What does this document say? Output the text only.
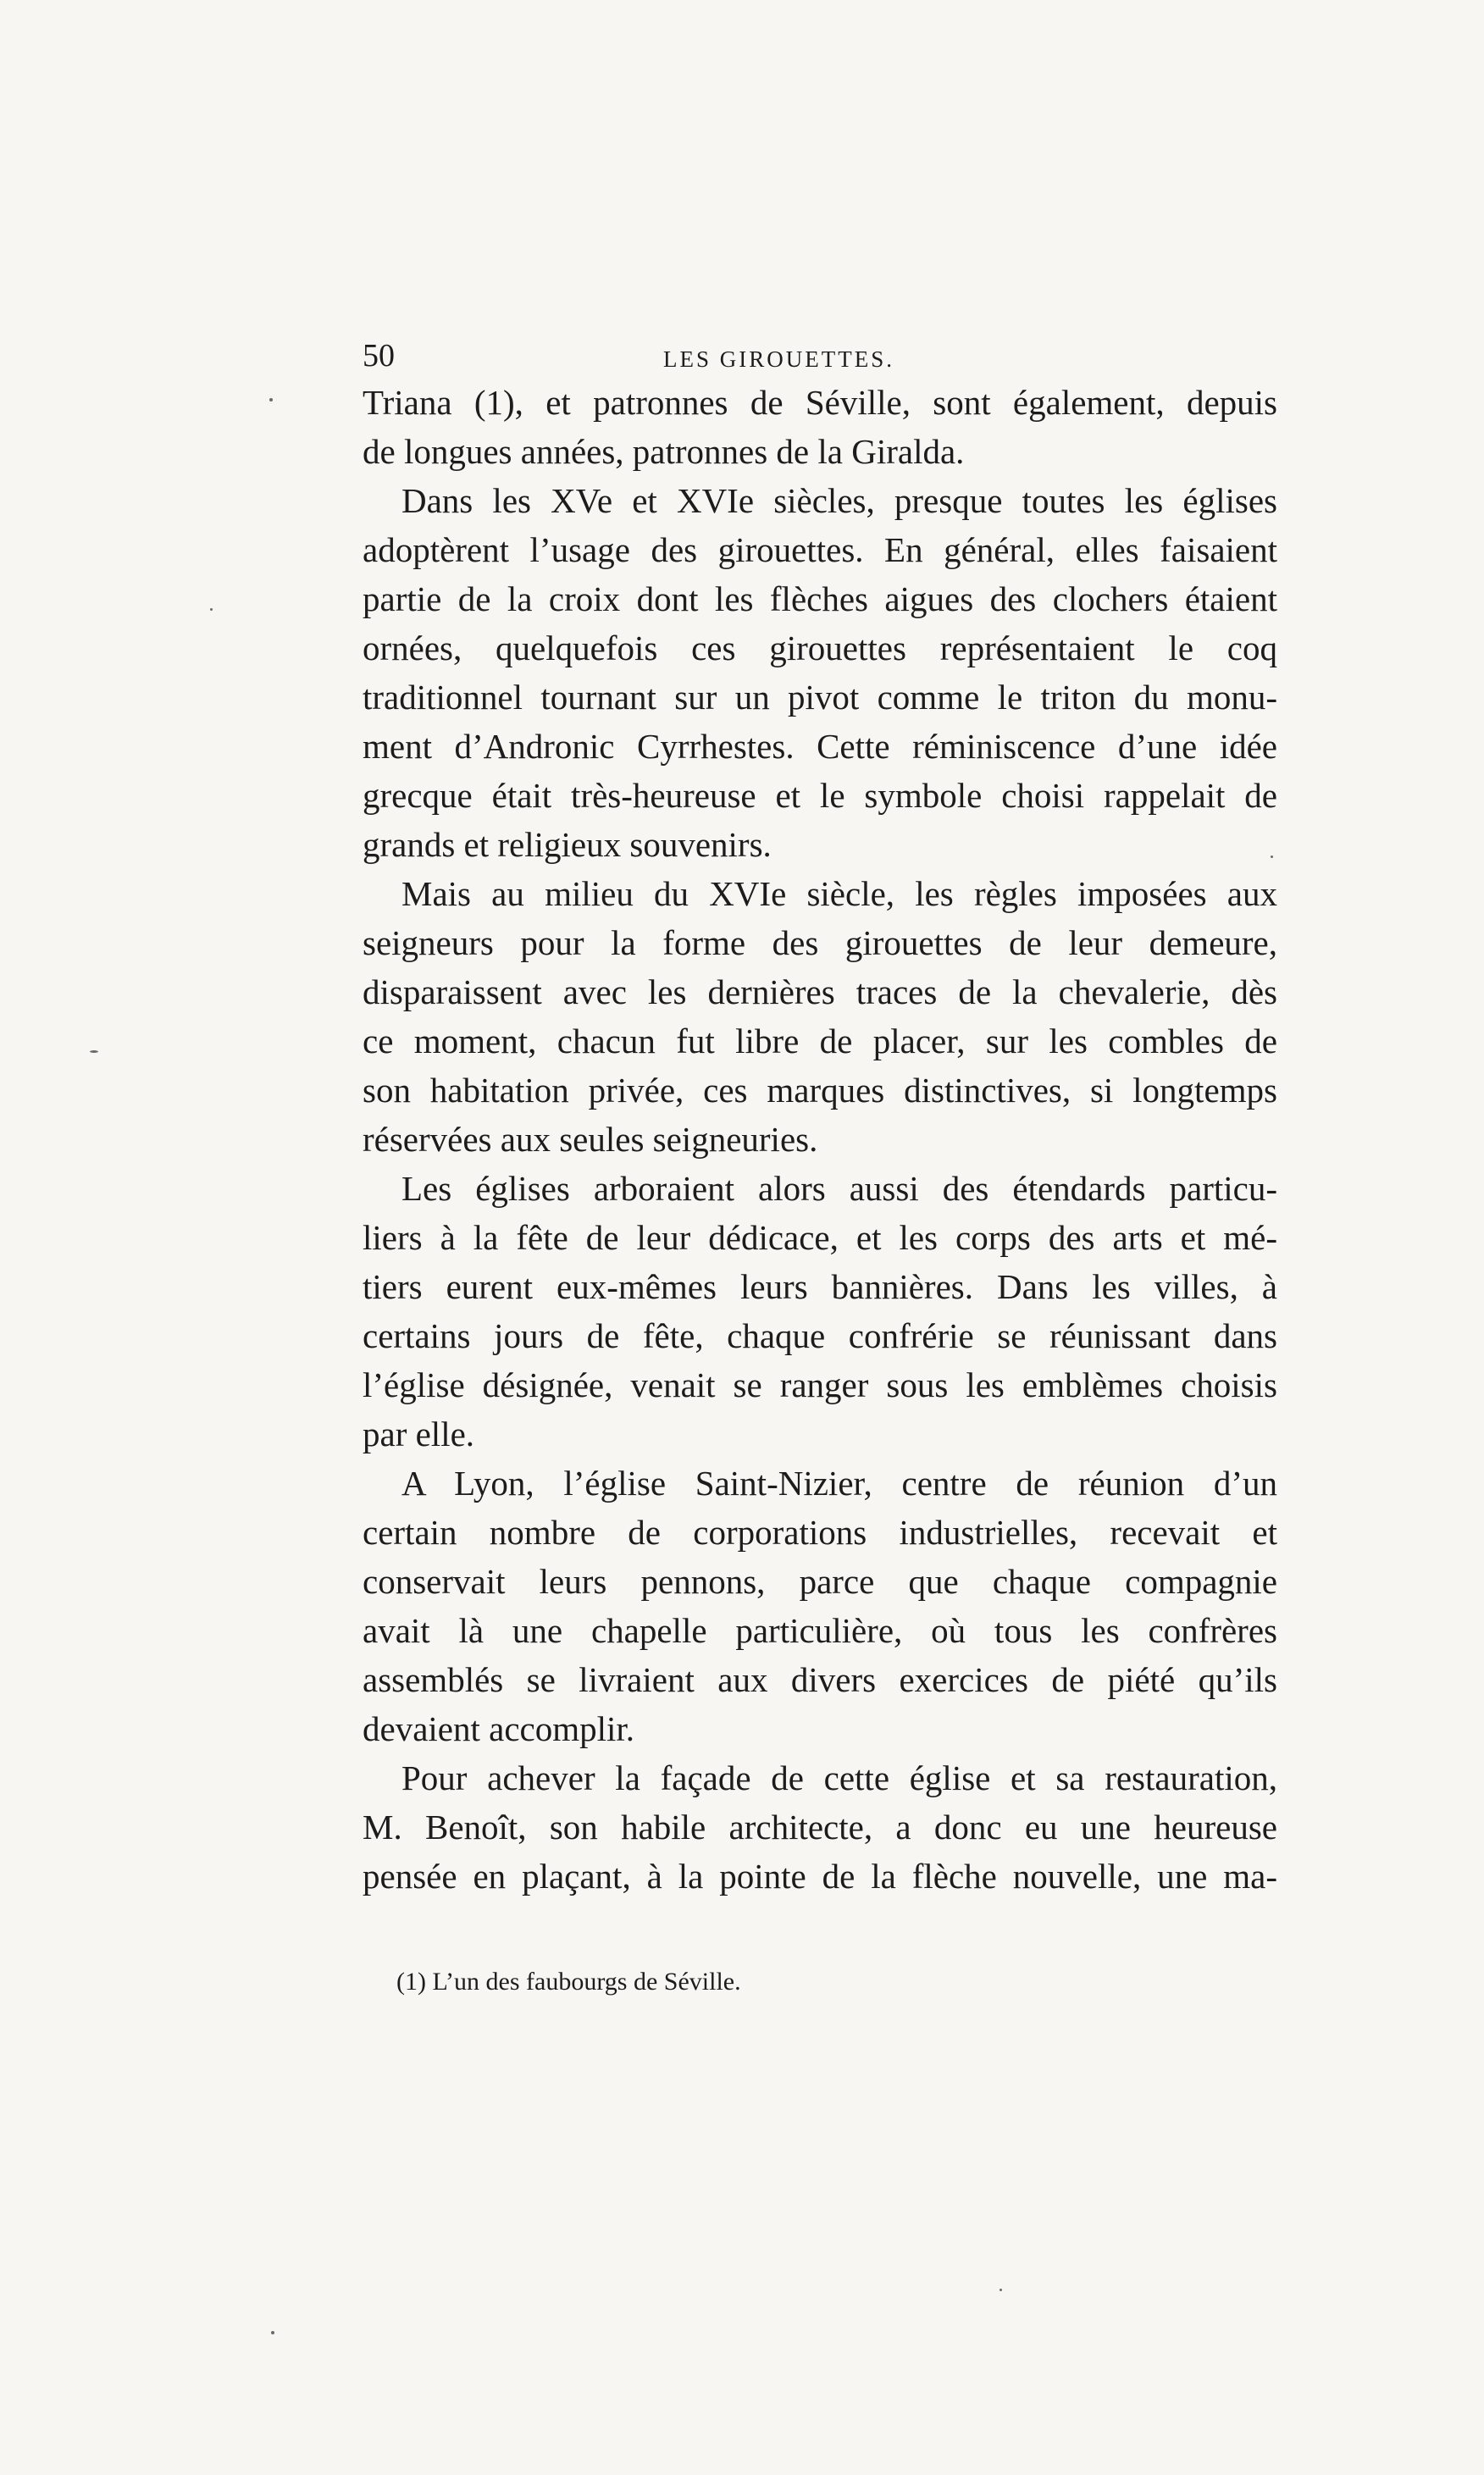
50	LES GIROUETTES.
Triana (1), et patronnes de Séville, sont également, depuis
de longues années, patronnes de la Giralda.
Dans les XVe et XVIe siècles, presque toutes les églises
adoptèrent l’usage des girouettes. En général, elles faisaient
partie de la croix dont les flèches aigues des clochers étaient
ornées, quelquefois ces girouettes représentaient le coq
traditionnel tournant sur un pivot comme le triton du monu-
ment d’Andronic Cyrrhestes. Cette réminiscence d’une idée
grecque était très-heureuse et le symbole choisi rappelait de
grands et religieux souvenirs.
Mais au milieu du XVIe siècle, les règles imposées aux
seigneurs pour la forme des girouettes de leur demeure,
disparaissent avec les dernières traces de la chevalerie, dès
ce moment, chacun fut libre de placer, sur les combles de
son habitation privée, ces marques distinctives, si longtemps
réservées aux seules seigneuries.
Les églises arboraient alors aussi des étendards particu-
liers à la fête de leur dédicace, et les corps des arts et mé-
tiers eurent eux-mêmes leurs bannières. Dans les villes, à
certains jours de fête, chaque confrérie se réunissant dans
l’église désignée, venait se ranger sous les emblèmes choisis
par elle.
A Lyon, l’église Saint-Nizier, centre de réunion d’un
certain nombre de corporations industrielles, recevait et
conservait leurs pennons, parce que chaque compagnie
avait là une chapelle particulière, où tous les confrères
assemblés se livraient aux divers exercices de piété qu’ils
devaient accomplir.
Pour achever la façade de cette église et sa restauration,
M. Benoît, son habile architecte, a donc eu une heureuse
pensée en plaçant, à la pointe de la flèche nouvelle, une ma-
(1) L’un des faubourgs de Séville.
